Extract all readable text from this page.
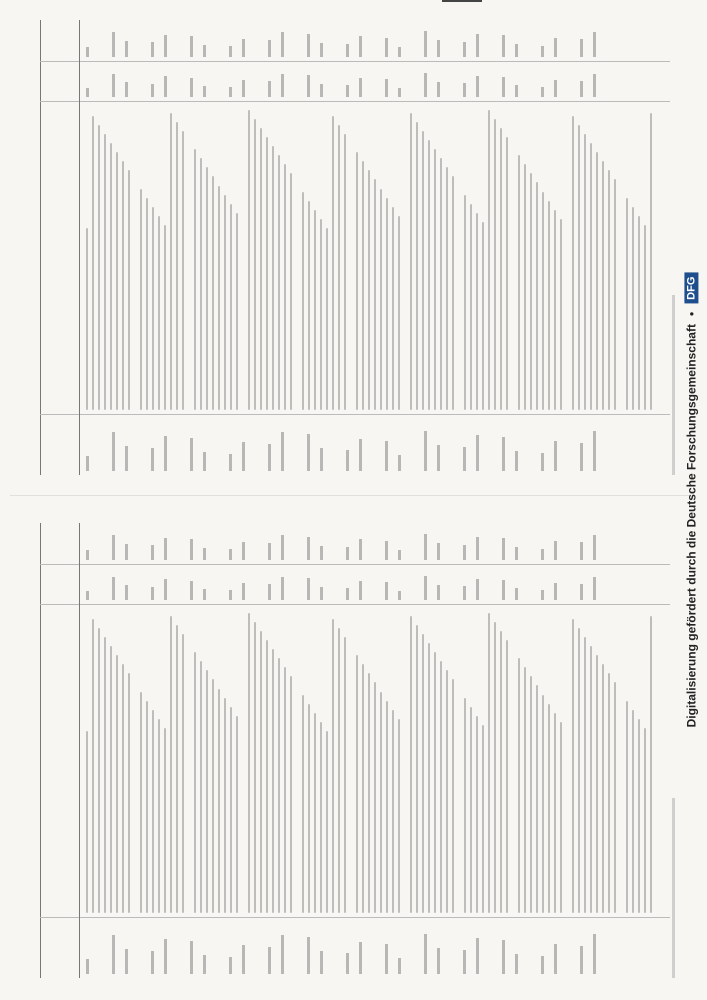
Digitalisierung gefördert durch die Deutsche Forschungsgemeinschaft
•
DFG
